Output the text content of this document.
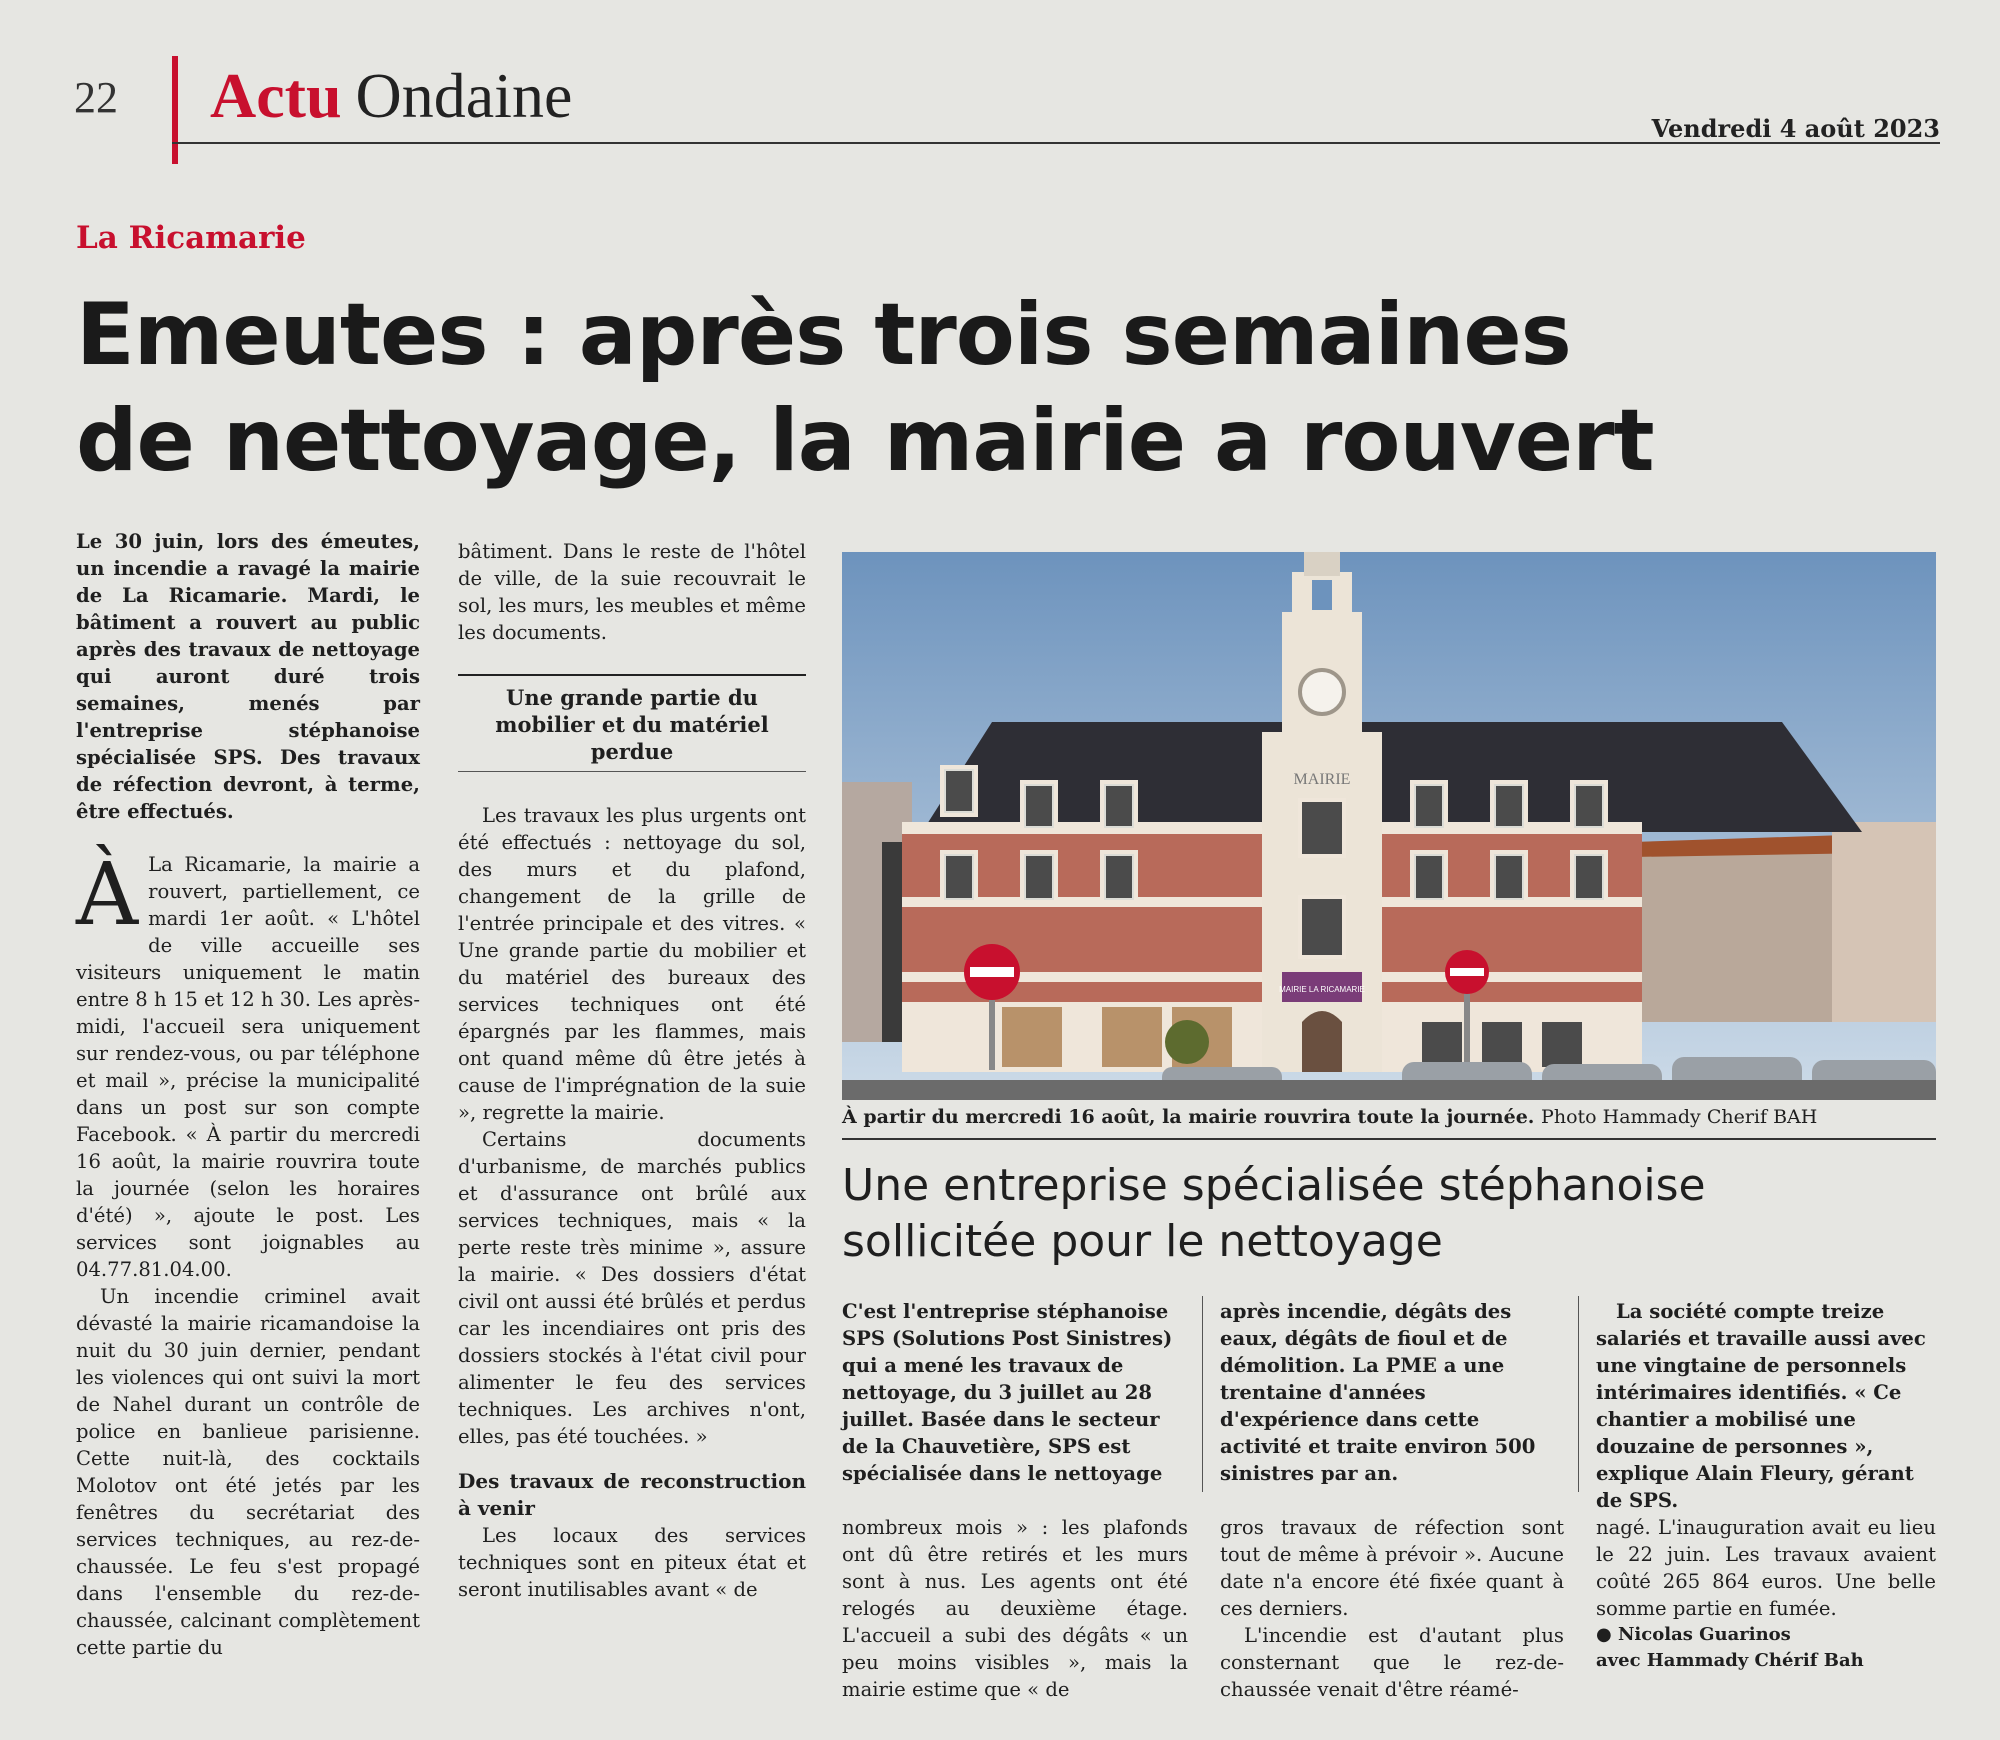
22 Actu Ondaine	Vendredi 4 août 2023
La Ricamarie
Emeutes : après trois semaines
de nettoyage, la mairie a rouvert

Le 30 juin, lors des émeutes, un incendie a ravagé la mairie de La Ricamarie. Mardi, le bâtiment a rouvert au public après des travaux de nettoyage qui auront duré trois semaines, menés par l'entreprise stéphanoise spécialisée SPS. Des travaux de réfection devront, à terme, être effectués.

À La Ricamarie, la mairie a rouvert, partiellement, ce mardi 1er août. « L'hôtel de ville accueille ses visiteurs uniquement le matin entre 8 h 15 et 12 h 30. Les après-midi, l'accueil sera uniquement sur rendez-vous, ou par téléphone et mail », précise la municipalité dans un post sur son compte Facebook. « À partir du mercredi 16 août, la mairie rouvrira toute la journée (selon les horaires d'été) », ajoute le post. Les services sont joignables au 04.77.81.04.00.

Un incendie criminel avait dévasté la mairie ricamandoise la nuit du 30 juin dernier, pendant les violences qui ont suivi la mort de Nahel durant un contrôle de police en banlieue parisienne. Cette nuit-là, des cocktails Molotov ont été jetés par les fenêtres du secrétariat des services techniques, au rez-de-chaussée. Le feu s'est propagé dans l'ensemble du rez-de-chaussée, calcinant complètement cette partie du

bâtiment. Dans le reste de l'hôtel de ville, de la suie recouvrait le sol, les murs, les meubles et même les documents.

Une grande partie du mobilier et du matériel perdue

Les travaux les plus urgents ont été effectués : nettoyage du sol, des murs et du plafond, changement de la grille de l'entrée principale et des vitres. « Une grande partie du mobilier et du matériel des bureaux des services techniques ont été épargnés par les flammes, mais ont quand même dû être jetés à cause de l'imprégnation de la suie », regrette la mairie.

Certains documents d'urbanisme, de marchés publics et d'assurance ont brûlé aux services techniques, mais « la perte reste très minime », assure la mairie. « Des dossiers d'état civil ont aussi été brûlés et perdus car les incendiaires ont pris des dossiers stockés à l'état civil pour alimenter le feu des services techniques. Les archives n'ont, elles, pas été touchées. »

Des travaux de reconstruction à venir

Les locaux des services techniques sont en piteux état et seront inutilisables avant « de

MAIRIE
MAIRIE LA RICAMARIE
À partir du mercredi 16 août, la mairie rouvrira toute la journée. Photo Hammady Cherif BAH
Une entreprise spécialisée stéphanoise
sollicitée pour le nettoyage
C'est l'entreprise stéphanoise SPS (Solutions Post Sinistres) qui a mené les travaux de nettoyage, du 3 juillet au 28 juillet. Basée dans le secteur de la Chauvetière, SPS est spécialisée dans le nettoyage
après incendie, dégâts des eaux, dégâts de fioul et de démolition. La PME a une trentaine d'années d'expérience dans cette activité et traite environ 500 sinistres par an.
La société compte treize salariés et travaille aussi avec une vingtaine de personnels intérimaires identifiés. « Ce chantier a mobilisé une douzaine de personnes », explique Alain Fleury, gérant de SPS.

nombreux mois » : les plafonds ont dû être retirés et les murs sont à nus. Les agents ont été relogés au deuxième étage. L'accueil a subi des dégâts « un peu moins visibles », mais la mairie estime que « de

gros travaux de réfection sont tout de même à prévoir ». Aucune date n'a encore été fixée quant à ces derniers.

L'incendie est d'autant plus consternant que le rez-de-chaussée venait d'être réamé-

nagé. L'inauguration avait eu lieu le 22 juin. Les travaux avaient coûté 265 864 euros. Une belle somme partie en fumée.

● Nicolas Guarinos

avec Hammady Chérif Bah
